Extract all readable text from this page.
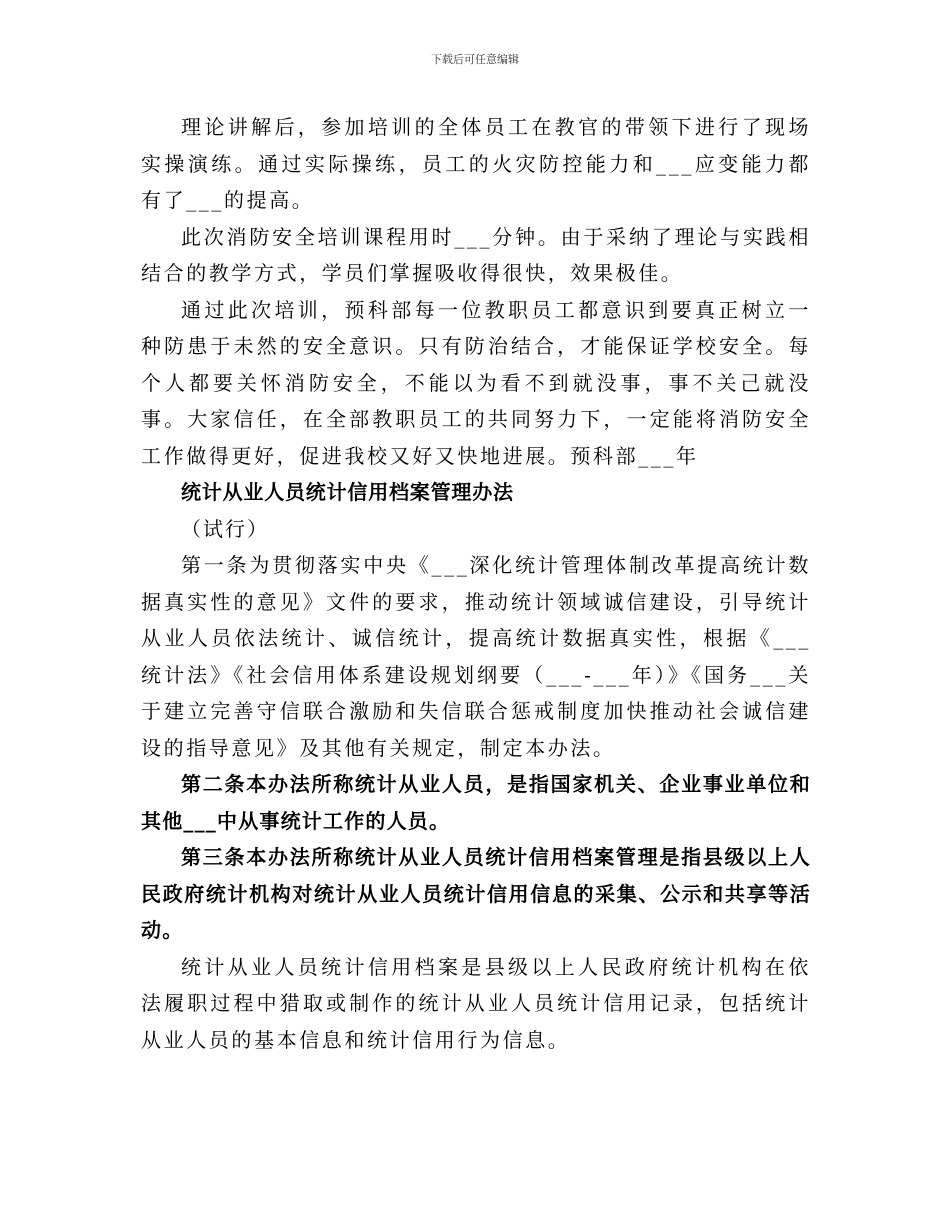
下载后可任意编辑

理论讲解后，参加培训的全体员工在教官的带领下进行了现场实操演练。通过实际操练，员工的火灾防控能力和___应变能力都有了___的提高。

此次消防安全培训课程用时___分钟。由于采纳了理论与实践相结合的教学方式，学员们掌握吸收得很快，效果极佳。

通过此次培训，预科部每一位教职员工都意识到要真正树立一种防患于未然的安全意识。只有防治结合，才能保证学校安全。每个人都要关怀消防安全，不能以为看不到就没事，事不关己就没事。大家信任，在全部教职员工的共同努力下，一定能将消防安全工作做得更好，促进我校又好又快地进展。预科部___年

统计从业人员统计信用档案管理办法

（试行）

第一条为贯彻落实中央《___深化统计管理体制改革提高统计数据真实性的意见》文件的要求，推动统计领域诚信建设，引导统计从业人员依法统计、诚信统计，提高统计数据真实性，根据《___统计法》《社会信用体系建设规划纲要（___-___年）》《国务___关于建立完善守信联合激励和失信联合惩戒制度加快推动社会诚信建设的指导意见》及其他有关规定，制定本办法。

第二条本办法所称统计从业人员，是指国家机关、企业事业单位和其他___中从事统计工作的人员。

第三条本办法所称统计从业人员统计信用档案管理是指县级以上人民政府统计机构对统计从业人员统计信用信息的采集、公示和共享等活动。

统计从业人员统计信用档案是县级以上人民政府统计机构在依法履职过程中猎取或制作的统计从业人员统计信用记录，包括统计从业人员的基本信息和统计信用行为信息。
